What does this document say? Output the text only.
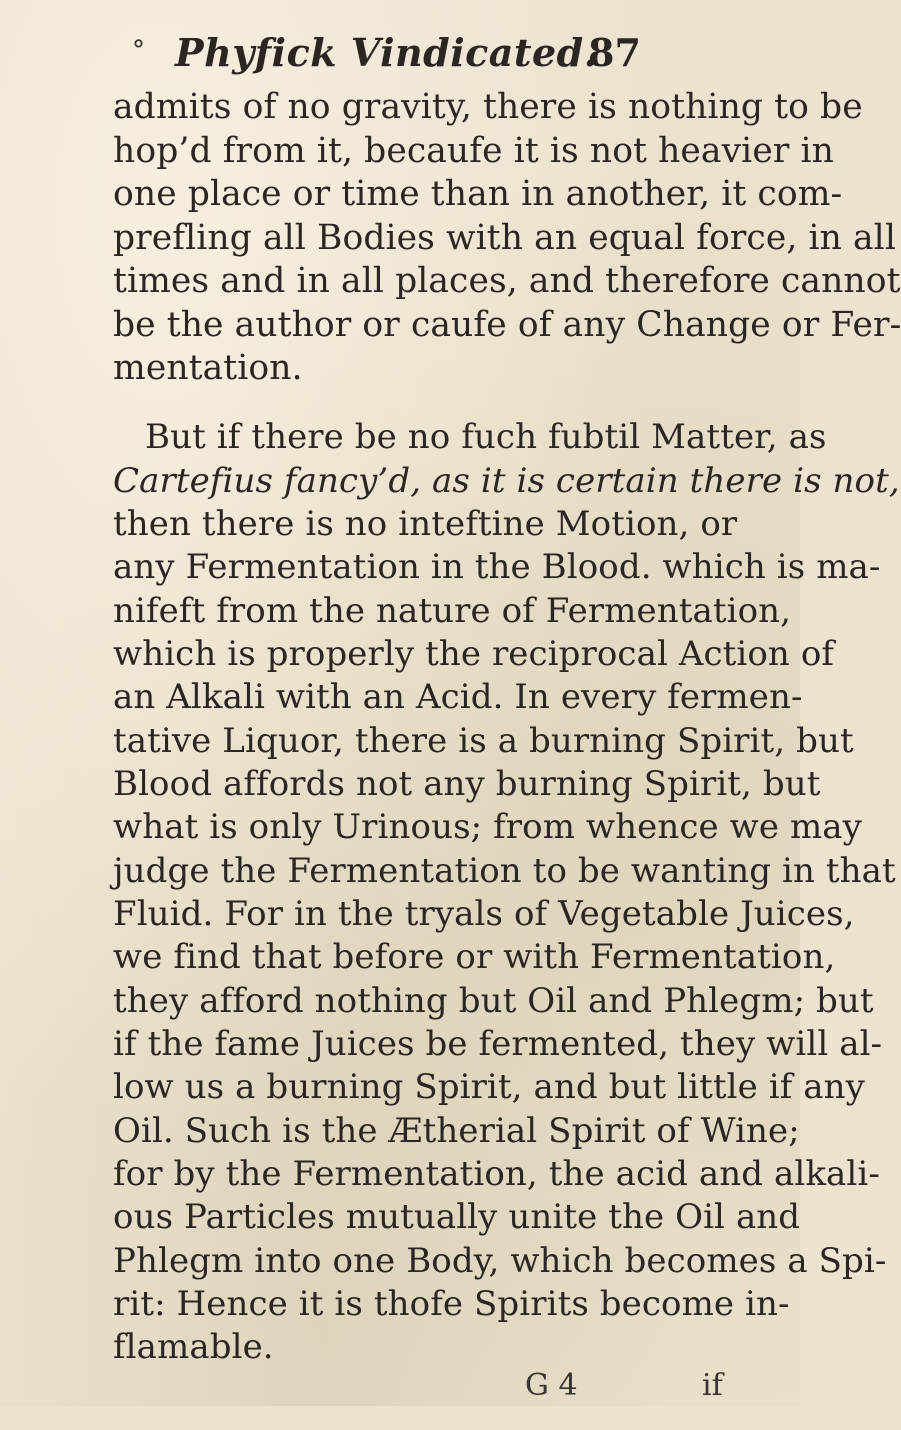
° Phyfick Vindicated.
87
admits of no gravity, there is nothing to be
hop’d from it, becaufe it is not heavier in
one place or time than in another, it com-
prefling all Bodies with an equal force, in all
times and in all places, and therefore cannot
be the author or caufe of any Change or Fer-
mentation.
But if there be no fuch fubtil Matter, as
Cartefius fancy’d, as it is certain there is not,
then there is no inteftine Motion, or
any Fermentation in the Blood. which is ma-
nifeft from the nature of Fermentation,
which is properly the reciprocal Action of
an Alkali with an Acid. In every fermen-
tative Liquor, there is a burning Spirit, but
Blood affords not any burning Spirit, but
what is only Urinous; from whence we may
judge the Fermentation to be wanting in that
Fluid. For in the tryals of Vegetable Juices,
we find that before or with Fermentation,
they afford nothing but Oil and Phlegm; but
if the fame Juices be fermented, they will al-
low us a burning Spirit, and but little if any
Oil. Such is the Ætherial Spirit of Wine;
for by the Fermentation, the acid and alkali-
ous Particles mutually unite the Oil and
Phlegm into one Body, which becomes a Spi-
rit: Hence it is thofe Spirits become in-
flamable.
G 4	if
